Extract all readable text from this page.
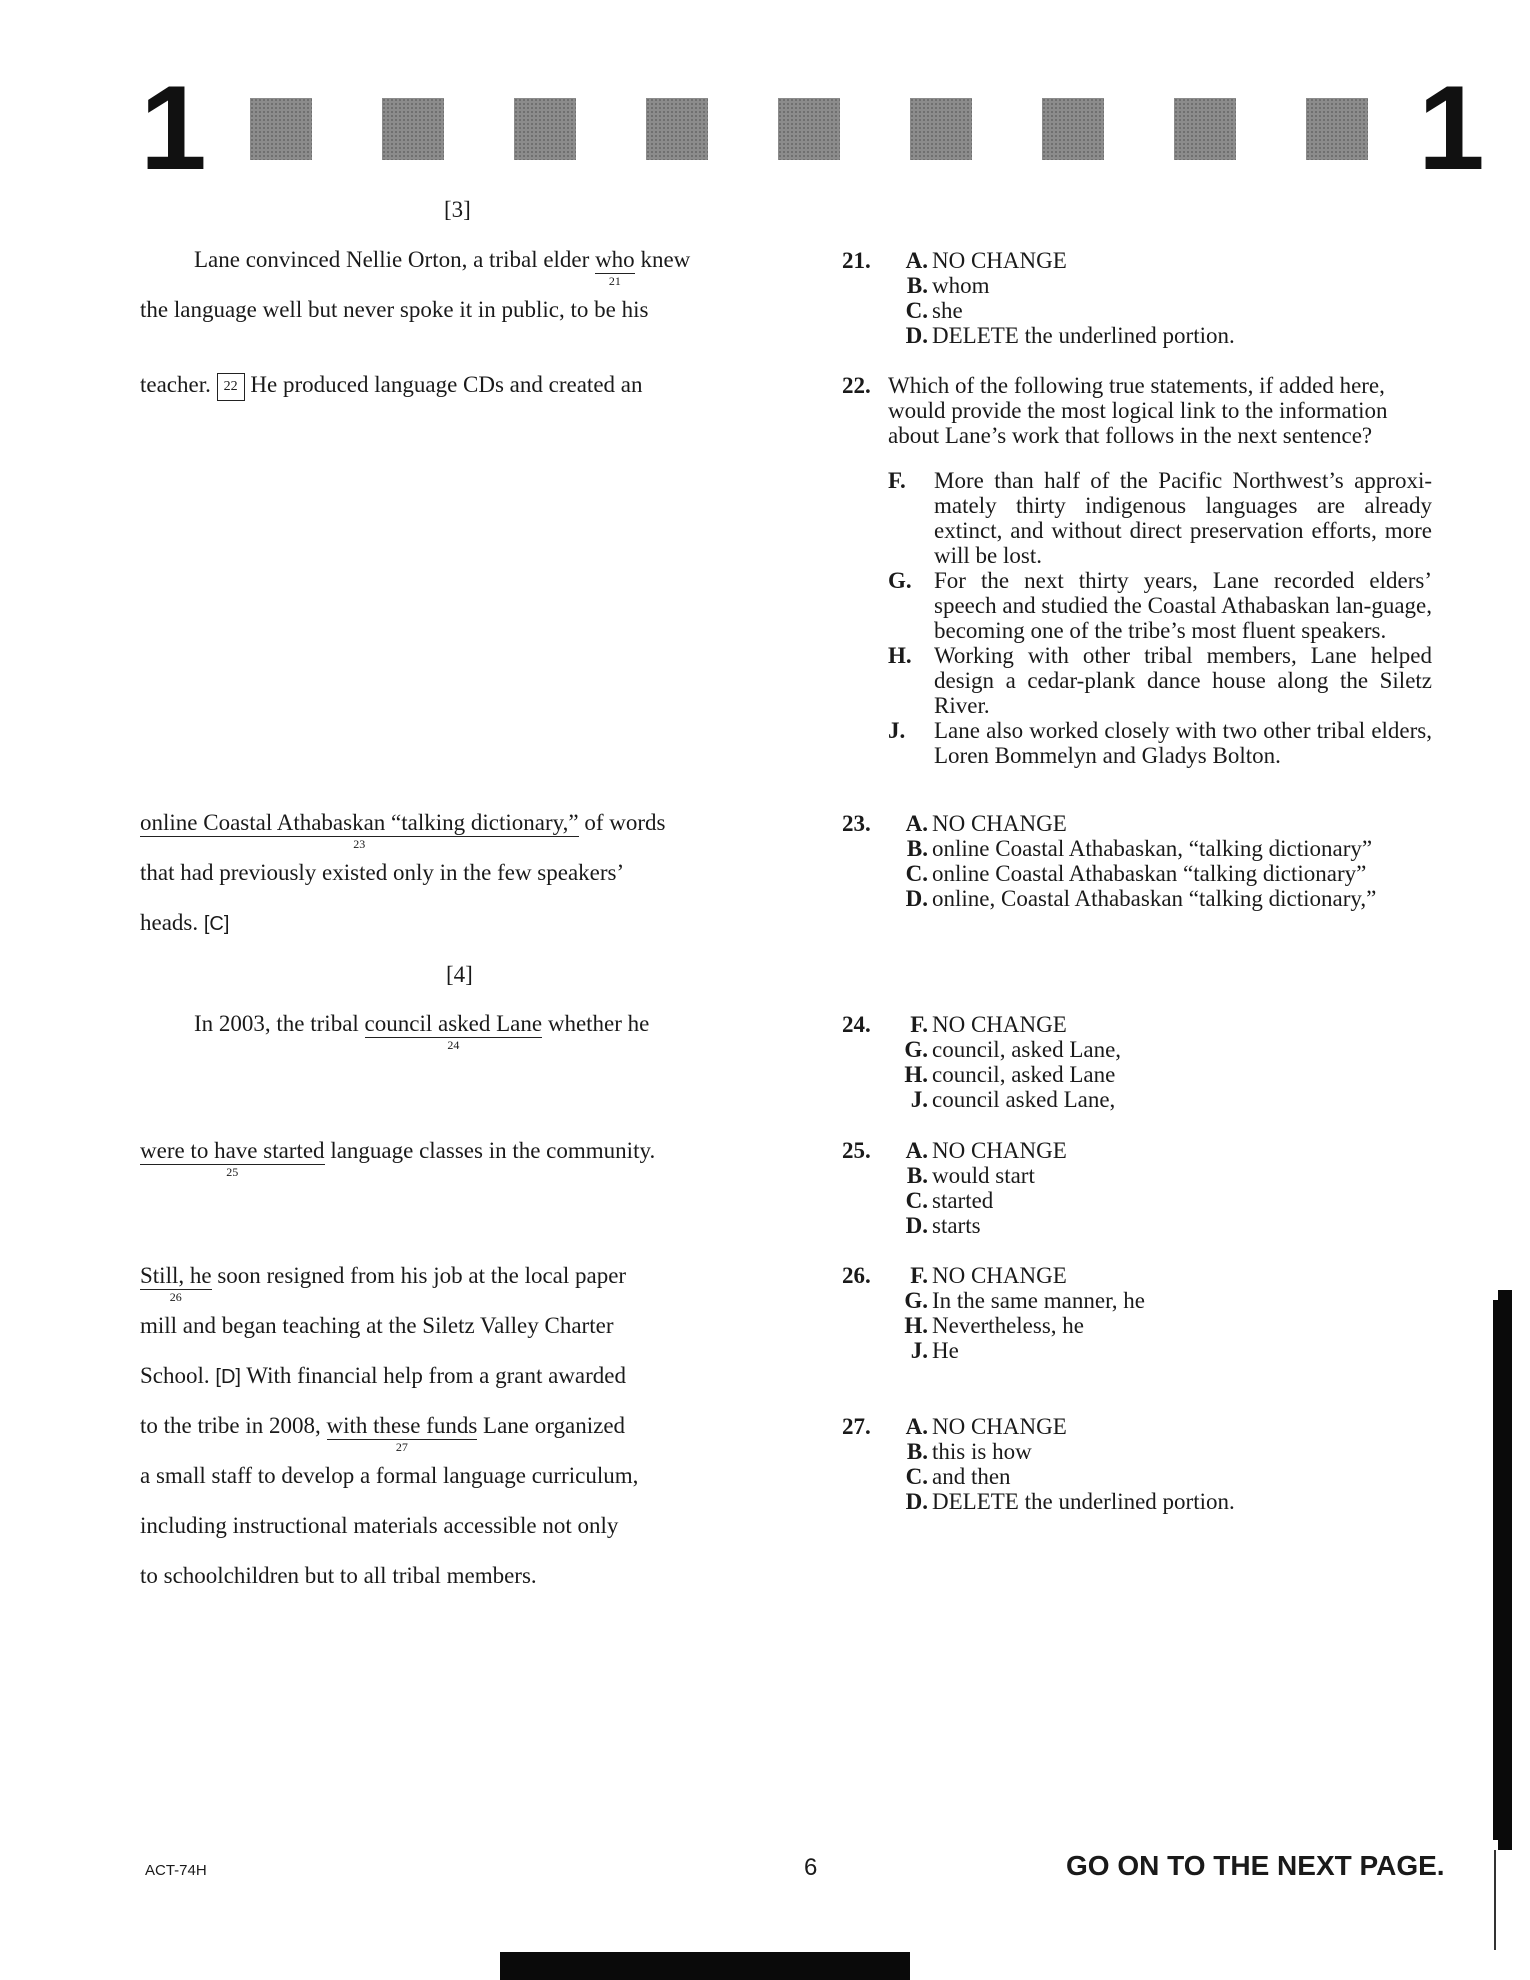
1	1
[3]
Lane convinced Nellie Orton, a tribal elder who
21
knew
the language well but never spoke it in public, to be his
teacher. 22 He produced language CDs and created an
online Coastal Athabaskan “talking dictionary,”
23
of words
that had previously existed only in the few speakers’
heads. [C]
[4]
In 2003, the tribal council asked Lane
24
whether he
were to have started
25
language classes in the community.
Still, he
26
soon resigned from his job at the local paper
mill and began teaching at the Siletz Valley Charter
School. [D] With financial help from a grant awarded
to the tribe in 2008, with these funds
27
Lane organized
a small staff to develop a formal language curriculum,
including instructional materials accessible not only
to schoolchildren but to all tribal members.
21.	A. NO CHANGE
B. whom
C. she
D. DELETE the underlined portion.
22. Which of the following true statements, if added here,
would provide the most logical link to the information
about Lane’s work that follows in the next sentence?
F. More than half of the Pacific Northwest’s approxi-mately thirty indigenous languages are already extinct, and without direct preservation efforts, more will be lost.
G. For the next thirty years, Lane recorded elders’ speech and studied the Coastal Athabaskan lan-guage, becoming one of the tribe’s most fluent speakers.
H. Working with other tribal members, Lane helped design a cedar-plank dance house along the Siletz River.
J. Lane also worked closely with two other tribal elders, Loren Bommelyn and Gladys Bolton.
23.	A. NO CHANGE
B. online Coastal Athabaskan, “talking dictionary”
C. online Coastal Athabaskan “talking dictionary”
D. online, Coastal Athabaskan “talking dictionary,”
24.	F. NO CHANGE
G. council, asked Lane,
H. council, asked Lane
J. council asked Lane,
25.	A. NO CHANGE
B. would start
C. started
D. starts
26.	F. NO CHANGE
G. In the same manner, he
H. Nevertheless, he
J. He
27.	A. NO CHANGE
B. this is how
C. and then
D. DELETE the underlined portion.
ACT-74H	6	GO ON TO THE NEXT PAGE.
